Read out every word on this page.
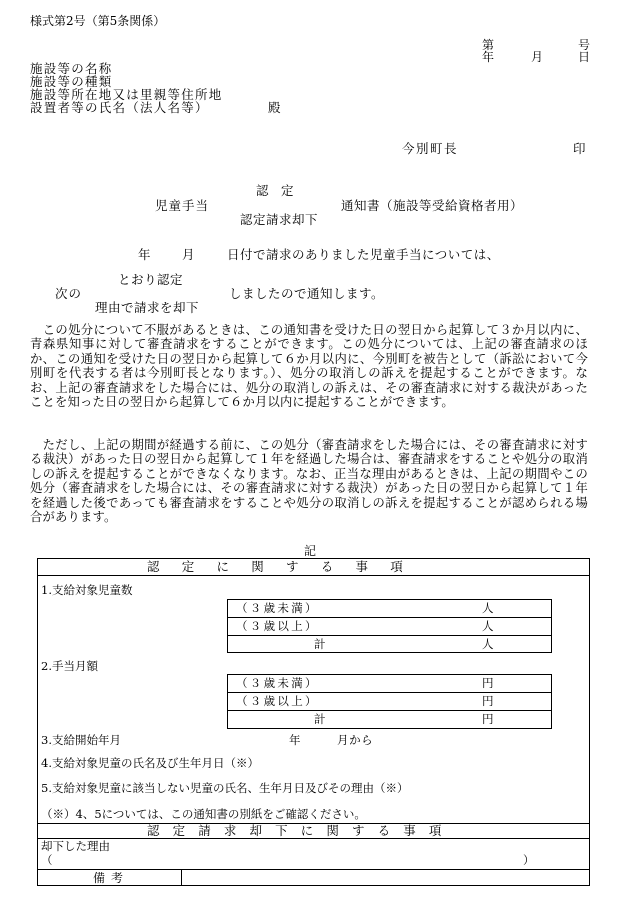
様式第2号（第5条関係）
第	号
年	月	日
施設等の名称
施設等の種類
施設等所在地又は里親等住所地
設置者等の氏名（法人名等）	殿
今別町長	印
認　定
児童手当	通知書（施設等受給資格者用）
認定請求却下
年	月	日付で請求のありました児童手当については、
とおり認定
次の	しましたので通知します。
理由で請求を却下
　この処分について不服があるときは、この通知書を受けた日の翌日から起算して３か月以内に、青森県知事に対して審査請求をすることができます。この処分については、上記の審査請求のほか、この通知を受けた日の翌日から起算して６か月以内に、今別町を被告として（訴訟において今別町を代表する者は今別町長となります。）、処分の取消しの訴えを提起することができます。なお、上記の審査請求をした場合には、処分の取消しの訴えは、その審査請求に対する裁決があったことを知った日の翌日から起算して６か月以内に提起することができます。
　ただし、上記の期間が経過する前に、この処分（審査請求をした場合には、その審査請求に対する裁決）があった日の翌日から起算して１年を経過した場合は、審査請求をすることや処分の取消しの訴えを提起することができなくなります。なお、正当な理由があるときは、上記の期間やこの処分（審査請求をした場合には、その審査請求に対する裁決）があった日の翌日から起算して１年を経過した後であっても審査請求をすることや処分の取消しの訴えを提起することが認められる場合があります。
記
認定に関する事項
1.支給対象児童数
（３歳未満）	人
（３歳以上）	人
計	人
2.手当月額
（３歳未満）	円
（３歳以上）	円
計	円
3.支給開始年月	年	月から
4.支給対象児童の氏名及び生年月日（※）
5.支給対象児童に該当しない児童の氏名、生年月日及びその理由（※）
（※）4、5については、この通知書の別紙をご確認ください。
認定請求却下に関する事項
却下した理由
（	）
備考
